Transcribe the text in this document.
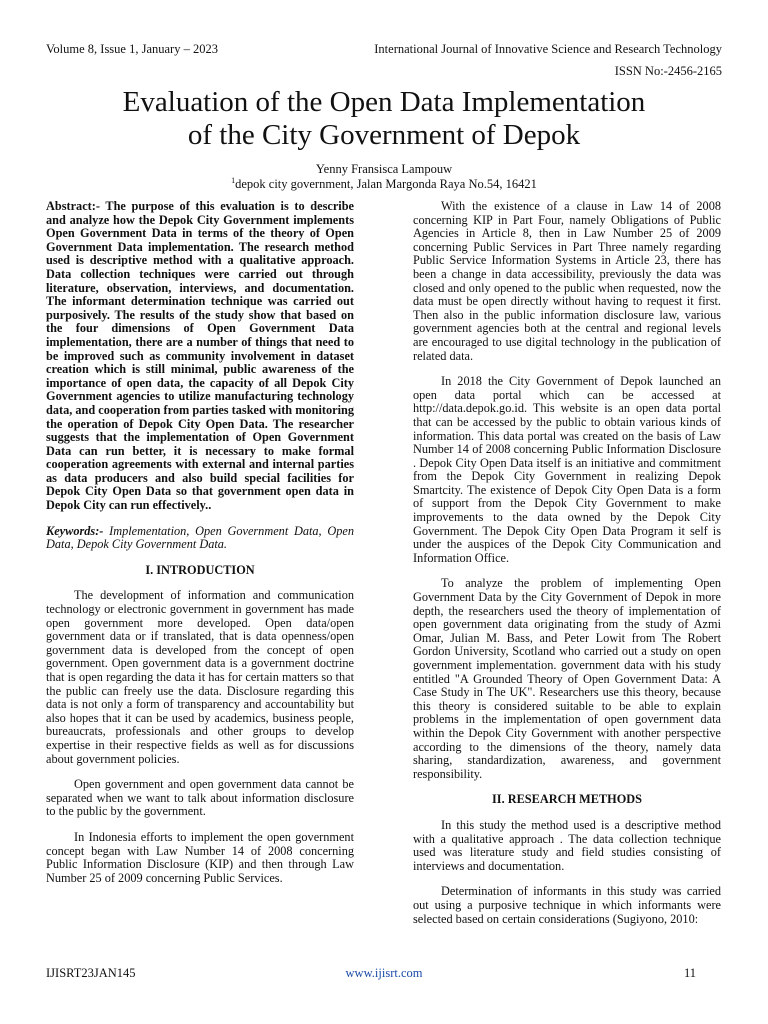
Volume 8, Issue 1, January – 2023	International Journal of Innovative Science and Research Technology
ISSN No:-2456-2165
Evaluation of the Open Data Implementation
of the City Government of Depok
Yenny Fransisca Lampouw
$^1$depok city government, Jalan Margonda Raya No.54, 16421

Abstract:- The purpose of this evaluation is to describe and analyze how the Depok City Government implements Open Government Data in terms of the theory of Open Government Data implementation. The research method used is descriptive method with a qualitative approach. Data collection techniques were carried out through literature, observation, interviews, and documentation. The informant determination technique was carried out purposively. The results of the study show that based on the four dimensions of Open Government Data implementation, there are a number of things that need to be improved such as community involvement in dataset creation which is still minimal, public awareness of the importance of open data, the capacity of all Depok City Government agencies to utilize manufacturing technology data, and cooperation from parties tasked with monitoring the operation of Depok City Open Data. The researcher suggests that the implementation of Open Government Data can run better, it is necessary to make formal cooperation agreements with external and internal parties as data producers and also build special facilities for Depok City Open Data so that government open data in Depok City can run effectively..

Keywords:- Implementation, Open Government Data, Open Data, Depok City Government Data.

I. INTRODUCTION

The development of information and communication technology or electronic government in government has made open government more developed. Open data/open government data or if translated, that is data openness/open government data is developed from the concept of open government. Open government data is a government doctrine that is open regarding the data it has for certain matters so that the public can freely use the data. Disclosure regarding this data is not only a form of transparency and accountability but also hopes that it can be used by academics, business people, bureaucrats, professionals and other groups to develop expertise in their respective fields as well as for discussions about government policies.

Open government and open government data cannot be separated when we want to talk about information disclosure to the public by the government.

In Indonesia efforts to implement the open government concept began with Law Number 14 of 2008 concerning Public Information Disclosure (KIP) and then through Law Number 25 of 2009 concerning Public Services.

With the existence of a clause in Law 14 of 2008 concerning KIP in Part Four, namely Obligations of Public Agencies in Article 8, then in Law Number 25 of 2009 concerning Public Services in Part Three namely regarding Public Service Information Systems in Article 23, there has been a change in data accessibility, previously the data was closed and only opened to the public when requested, now the data must be open directly without having to request it first. Then also in the public information disclosure law, various government agencies both at the central and regional levels are encouraged to use digital technology in the publication of related data.

In 2018 the City Government of Depok launched an open data portal which can be accessed at http://data.depok.go.id. This website is an open data portal that can be accessed by the public to obtain various kinds of information. This data portal was created on the basis of Law Number 14 of 2008 concerning Public Information Disclosure . Depok City Open Data itself is an initiative and commitment from the Depok City Government in realizing Depok Smartcity. The existence of Depok City Open Data is a form of support from the Depok City Government to make improvements to the data owned by the Depok City Government. The Depok City Open Data Program it self is under the auspices of the Depok City Communication and Information Office.

To analyze the problem of implementing Open Government Data by the City Government of Depok in more depth, the researchers used the theory of implementation of open government data originating from the study of Azmi Omar, Julian M. Bass, and Peter Lowit from The Robert Gordon University, Scotland who carried out a study on open government implementation. government data with his study entitled "A Grounded Theory of Open Government Data: A Case Study in The UK". Researchers use this theory, because this theory is considered suitable to be able to explain problems in the implementation of open government data within the Depok City Government with another perspective according to the dimensions of the theory, namely data sharing, standardization, awareness, and government responsibility.

II. RESEARCH METHODS

In this study the method used is a descriptive method with a qualitative approach . The data collection technique used was literature study and field studies consisting of interviews and documentation.

Determination of informants in this study was carried out using a purposive technique in which informants were selected based on certain considerations (Sugiyono, 2010:

IJISRT23JAN145	www.ijisrt.com	11
